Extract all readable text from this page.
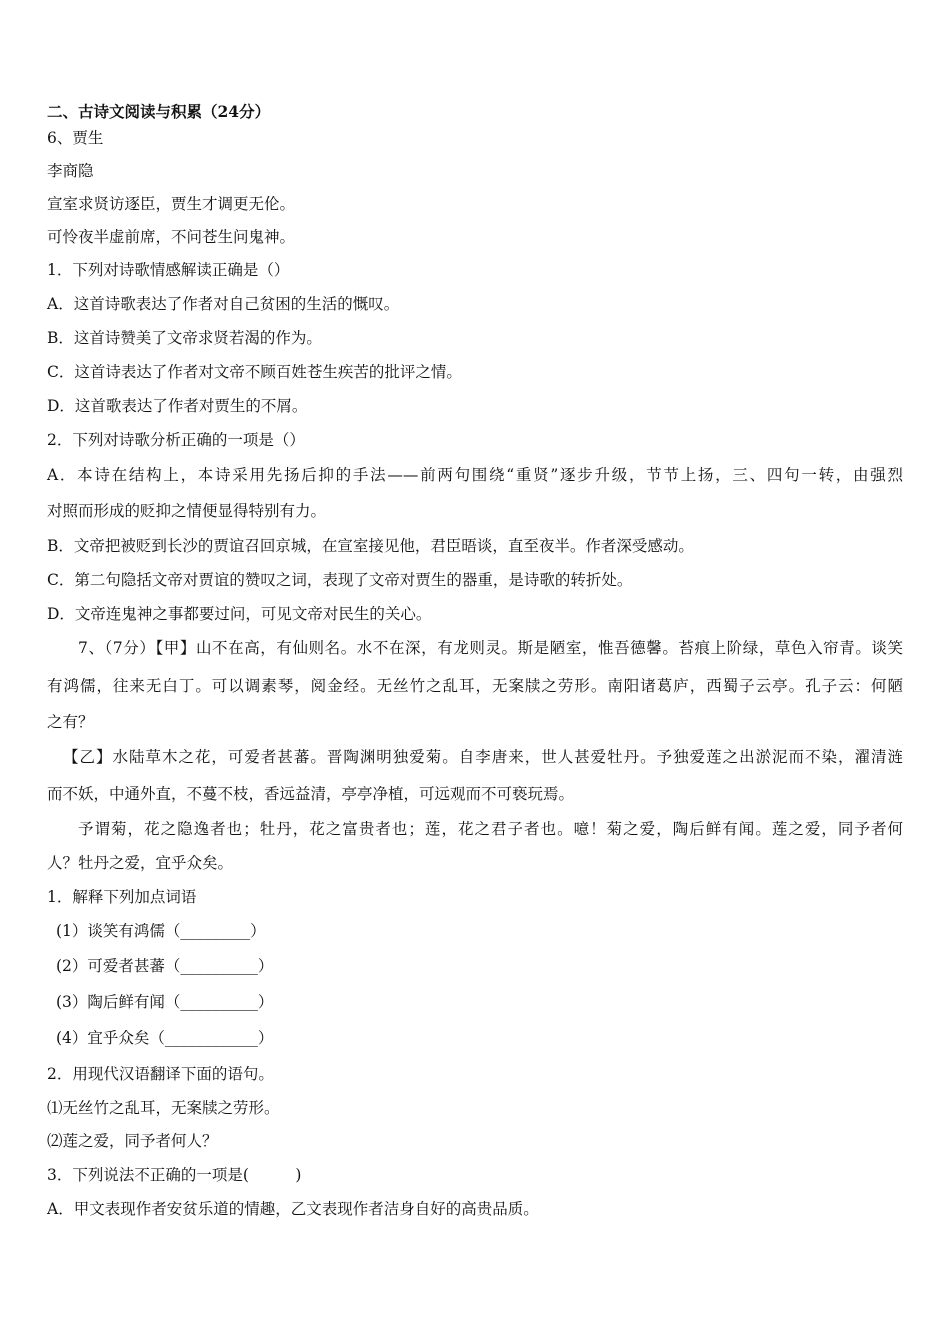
二、古诗文阅读与积累（24分）
6、贾生
李商隐
宣室求贤访逐臣，贾生才调更无伦。
可怜夜半虚前席，不问苍生问鬼神。
1．下列对诗歌情感解读正确是（）
A．这首诗歌表达了作者对自己贫困的生活的慨叹。
B．这首诗赞美了文帝求贤若渴的作为。
C．这首诗表达了作者对文帝不顾百姓苍生疾苦的批评之情。
D．这首歌表达了作者对贾生的不屑。
2．下列对诗歌分析正确的一项是（）
A．本诗在结构上，本诗采用先扬后抑的手法——前两句围绕“重贤”逐步升级，节节上扬，三、四句一转，由强烈
对照而形成的贬抑之情便显得特别有力。
B．文帝把被贬到长沙的贾谊召回京城，在宣室接见他，君臣晤谈，直至夜半。作者深受感动。
C．第二句隐括文帝对贾谊的赞叹之词，表现了文帝对贾生的器重，是诗歌的转折处。
D．文帝连鬼神之事都要过问，可见文帝对民生的关心。
7、（7分）【甲】山不在高，有仙则名。水不在深，有龙则灵。斯是陋室，惟吾德馨。苔痕上阶绿，草色入帘青。谈笑
有鸿儒，往来无白丁。可以调素琴，阅金经。无丝竹之乱耳，无案牍之劳形。南阳诸葛庐，西蜀子云亭。孔子云：何陋
之有？
【乙】水陆草木之花，可爱者甚蕃。晋陶渊明独爱菊。自李唐来，世人甚爱牡丹。予独爱莲之出淤泥而不染，濯清涟
而不妖，中通外直，不蔓不枝，香远益清，亭亭净植，可远观而不可亵玩焉。
予谓菊，花之隐逸者也；牡丹，花之富贵者也；莲，花之君子者也。噫！菊之爱，陶后鲜有闻。莲之爱，同予者何
人？牡丹之爱，宜乎众矣。
1．解释下列加点词语
(1）谈笑有鸿儒（_________）
(2）可爱者甚蕃（__________）
(3）陶后鲜有闻（__________）
(4）宜乎众矣（____________）
2．用现代汉语翻译下面的语句。
⑴无丝竹之乱耳，无案牍之劳形。
⑵莲之爱，同予者何人？
3．下列说法不正确的一项是(　　　)
A．甲文表现作者安贫乐道的情趣，乙文表现作者洁身自好的高贵品质。
